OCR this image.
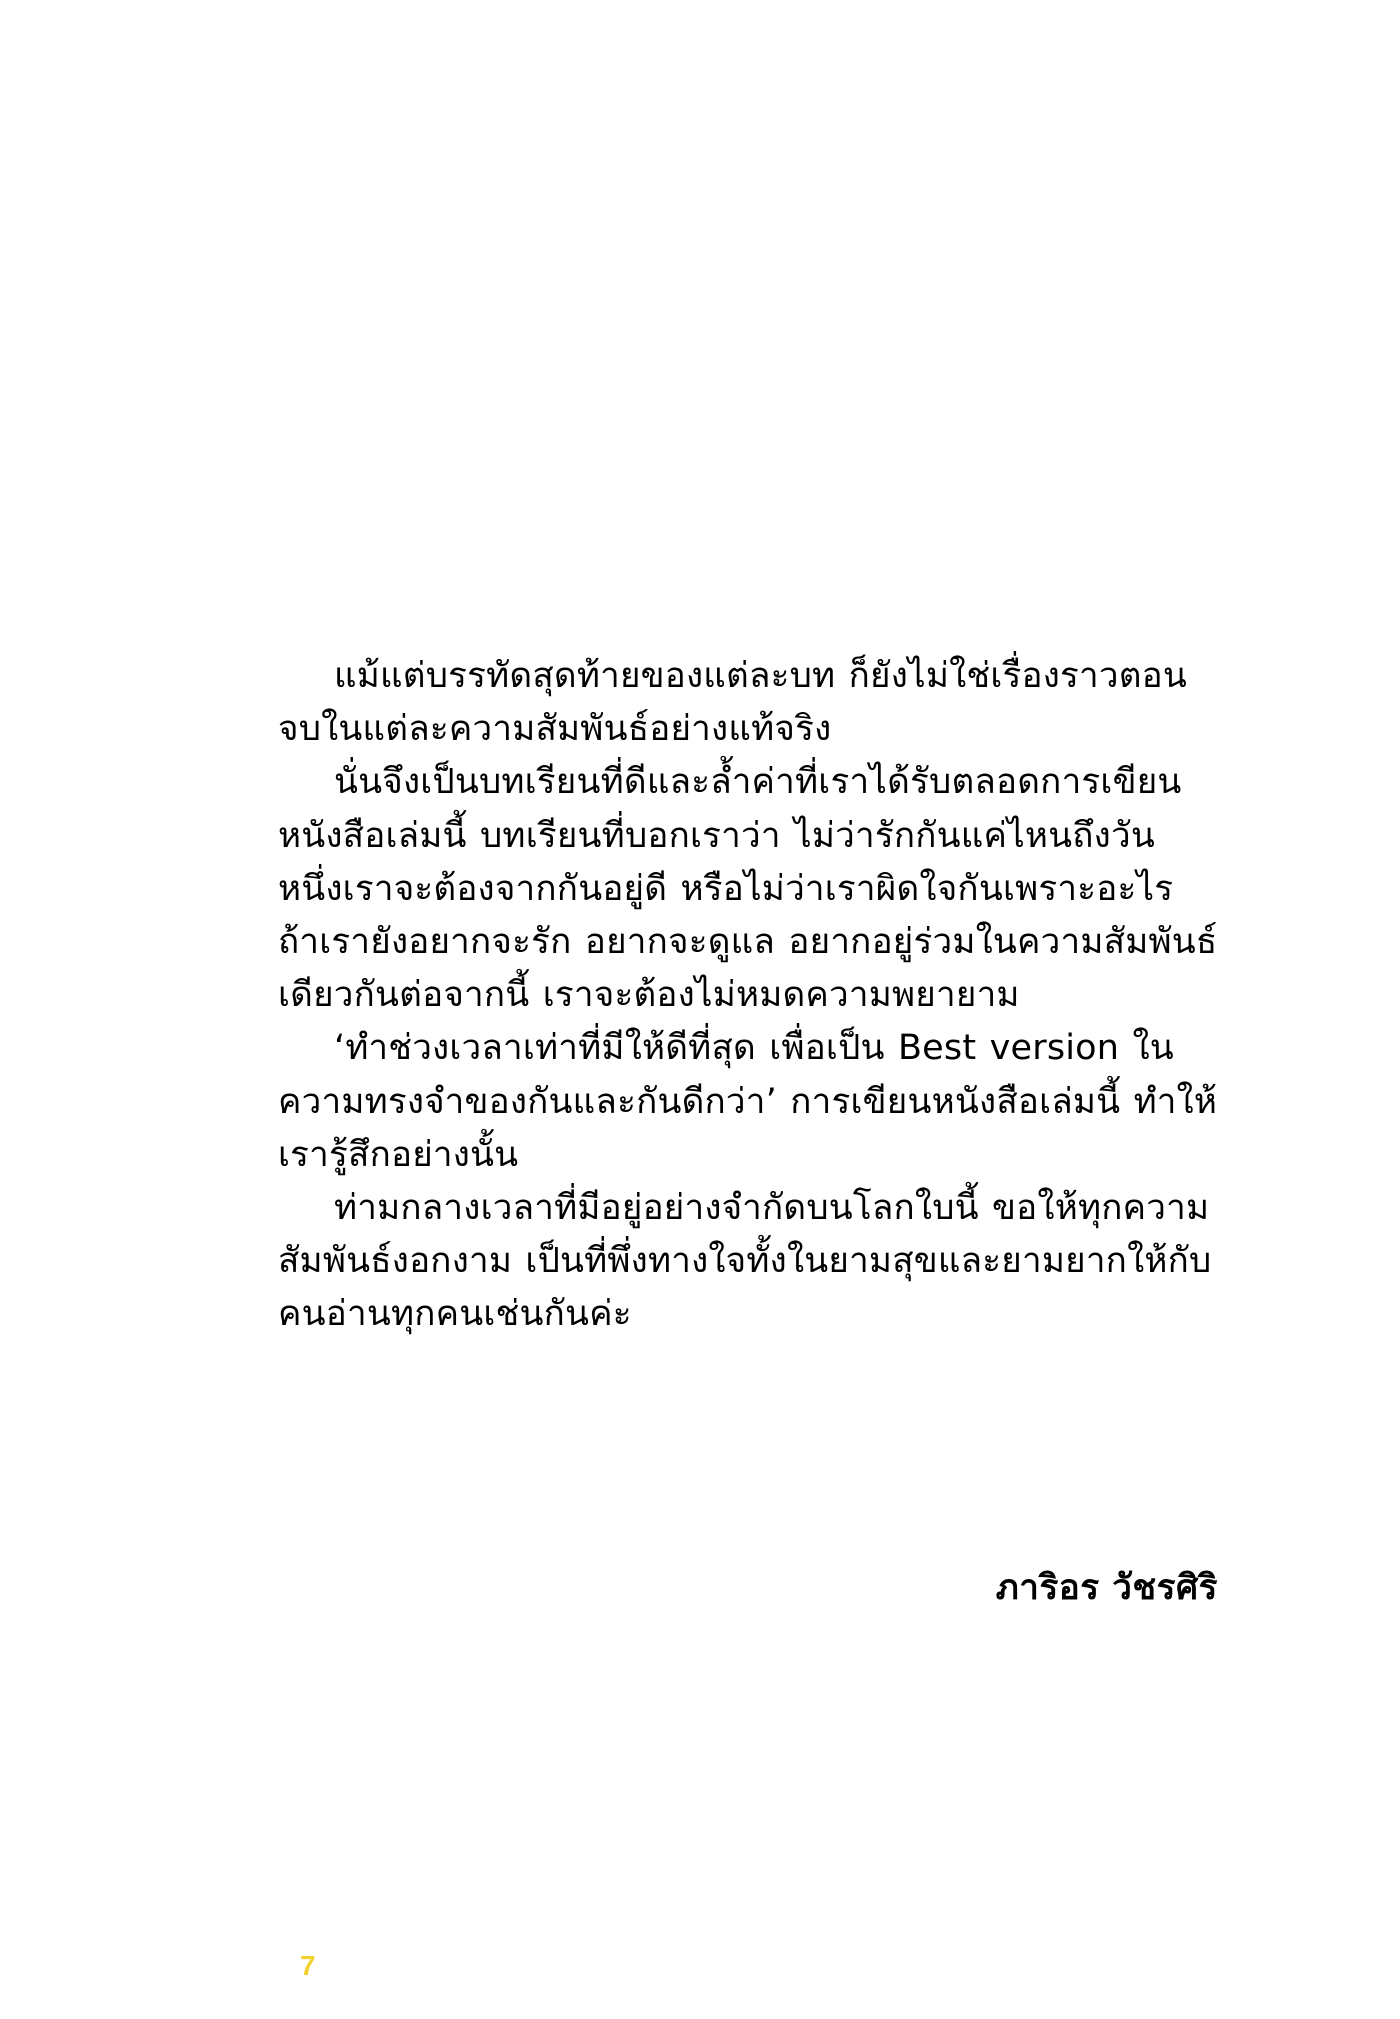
แม้แต่บรรทัดสุดท้ายของแต่ละบท ก็ยังไม่ใช่เรื่องราวตอนจบในแต่ละความสัมพันธ์อย่างแท้จริง

นั่นจึงเป็นบทเรียนที่ดีและล้ำค่าที่เราได้รับตลอดการเขียนหนังสือเล่มนี้ บทเรียนที่บอกเราว่า ไม่ว่ารักกันแค่ไหนถึงวันหนึ่งเราจะต้องจากกันอยู่ดี หรือไม่ว่าเราผิดใจกันเพราะอะไร ถ้าเรายังอยากจะรัก อยากจะดูแล อยากอยู่ร่วมในความสัมพันธ์เดียวกันต่อจากนี้ เราจะต้องไม่หมดความพยายาม

‘ทำช่วงเวลาเท่าที่มีให้ดีที่สุด เพื่อเป็น Best version ในความทรงจำของกันและกันดีกว่า’ การเขียนหนังสือเล่มนี้ ทำให้เรารู้สึกอย่างนั้น

ท่ามกลางเวลาที่มีอยู่อย่างจำกัดบนโลกใบนี้ ขอให้ทุกความสัมพันธ์งอกงาม เป็นที่พึ่งทางใจทั้งในยามสุขและยามยากให้กับคนอ่านทุกคนเช่นกันค่ะ

ภาริอร วัชรศิริ
7
